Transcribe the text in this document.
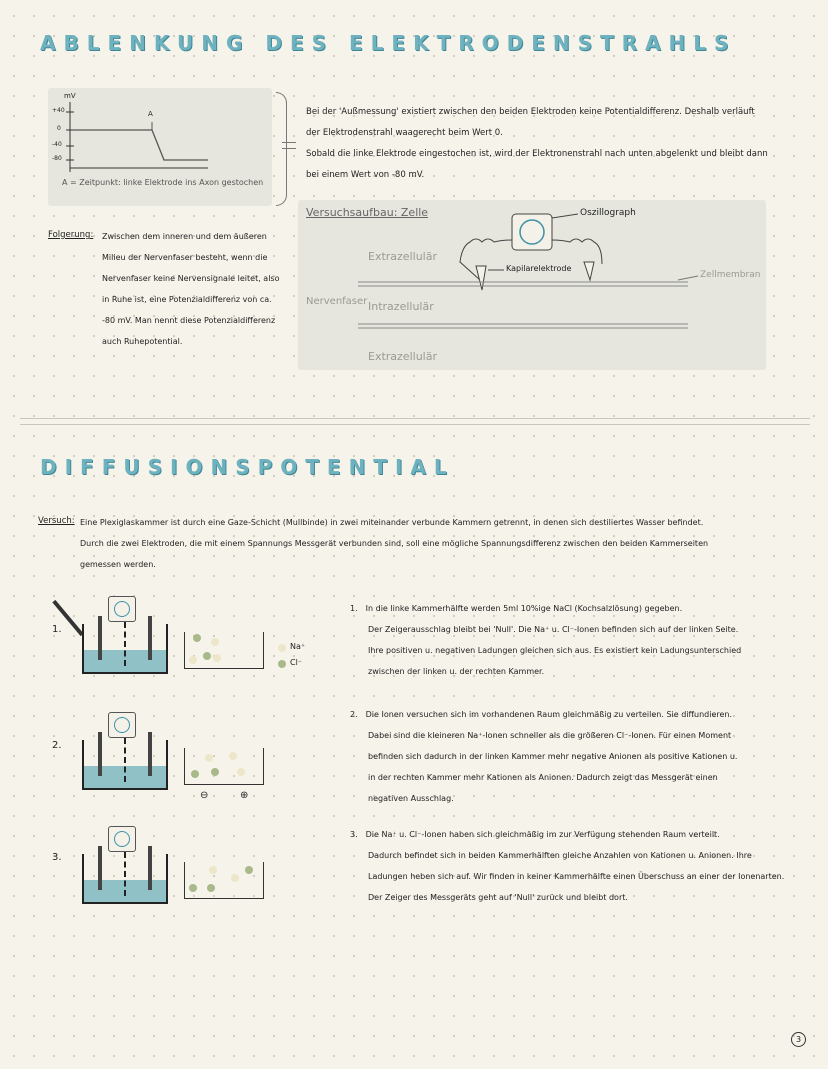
ABLENKUNG DES ELEKTRODENSTRAHLS
mV
+40
0
-40
-80
A
A = Zeitpunkt: linke Elektrode ins Axon gestochen
Bei der 'Außmessung' existiert zwischen den beiden Elektroden keine Potentialdifferenz. Deshalb verläuft
der Elektrodenstrahl waagerecht beim Wert 0.
Sobald die linke Elektrode eingestochen ist, wird der Elektronenstrahl nach unten abgelenkt und bleibt dann
bei einem Wert von -80 mV.
Folgerung: Zwischen dem inneren und dem äußeren
Milieu der Nervenfaser besteht, wenn die
Nervenfaser keine Nervensignale leitet, also
in Ruhe ist, eine Potenzialdifferenz von ca.
-80 mV. Man nennt diese Potenzialdifferenz
auch Ruhepotential.
Versuchsaufbau: Zelle	Oszillograph
Kapilarelektrode
Zellmembran
Extrazellulär
Intrazellulär
Extrazellulär
Nervenfaser
DIFFUSIONSPOTENTIAL
Versuch: Eine Plexiglaskammer ist durch eine Gaze-Schicht (Mullbinde) in zwei miteinander verbunde Kammern getrennt, in denen sich destiliertes Wasser befindet.
Durch die zwei Elektroden, die mit einem Spannungs Messgerät verbunden sind, soll eine mögliche Spannungsdifferenz zwischen den beiden Kammerseiten
gemessen werden.
1.
Na⁺
Cl⁻
2.
⊖	⊕
3.
1. In die linke Kammerhälfte werden 5ml 10%ige NaCl (Kochsalzlösung) gegeben.
Der Zeigerausschlag bleibt bei 'Null'. Die Na⁺ u. Cl⁻-Ionen befinden sich auf der linken Seite.
Ihre positiven u. negativen Ladungen gleichen sich aus. Es existiert kein Ladungsunterschied
zwischen der linken u. der rechten Kammer.
2. Die Ionen versuchen sich im vorhandenen Raum gleichmäßig zu verteilen. Sie diffundieren.
Dabei sind die kleineren Na⁺-Ionen schneller als die größeren Cl⁻-Ionen. Für einen Moment
befinden sich dadurch in der linken Kammer mehr negative Anionen als positive Kationen u.
in der rechten Kammer mehr Kationen als Anionen. Dadurch zeigt das Messgerät einen
negativen Ausschlag.
3. Die Na⁺ u. Cl⁻-Ionen haben sich gleichmäßig im zur Verfügung stehenden Raum verteilt.
Dadurch befindet sich in beiden Kammerhälften gleiche Anzahlen von Kationen u. Anionen. Ihre
Ladungen heben sich auf. Wir finden in keiner Kammerhälfte einen Überschuss an einer der Ionenarten.
Der Zeiger des Messgeräts geht auf 'Null' zurück und bleibt dort.
3
